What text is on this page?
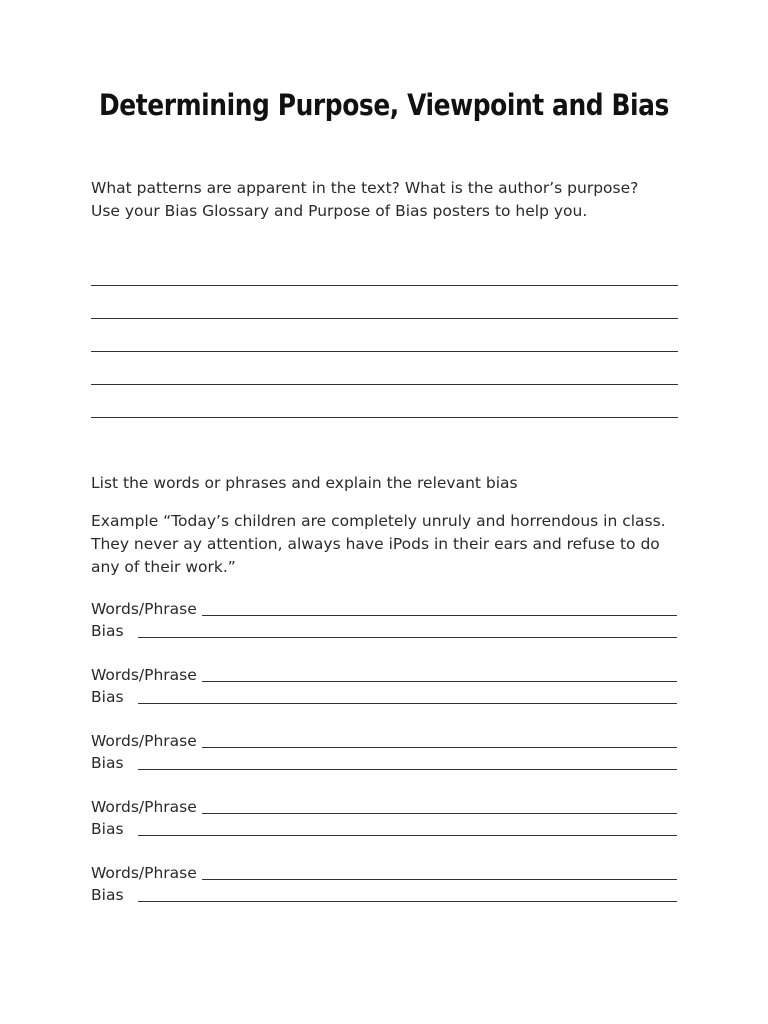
Determining Purpose, Viewpoint and Bias
What patterns are apparent in the text? What is the author’s purpose?
Use your Bias Glossary and Purpose of Bias posters to help you.
List the words or phrases and explain the relevant bias
Example “Today’s children are completely unruly and horrendous in class.
They never ay attention, always have iPods in their ears and refuse to do
any of their work.”
Words/Phrase
Bias
Words/Phrase
Bias
Words/Phrase
Bias
Words/Phrase
Bias
Words/Phrase
Bias
